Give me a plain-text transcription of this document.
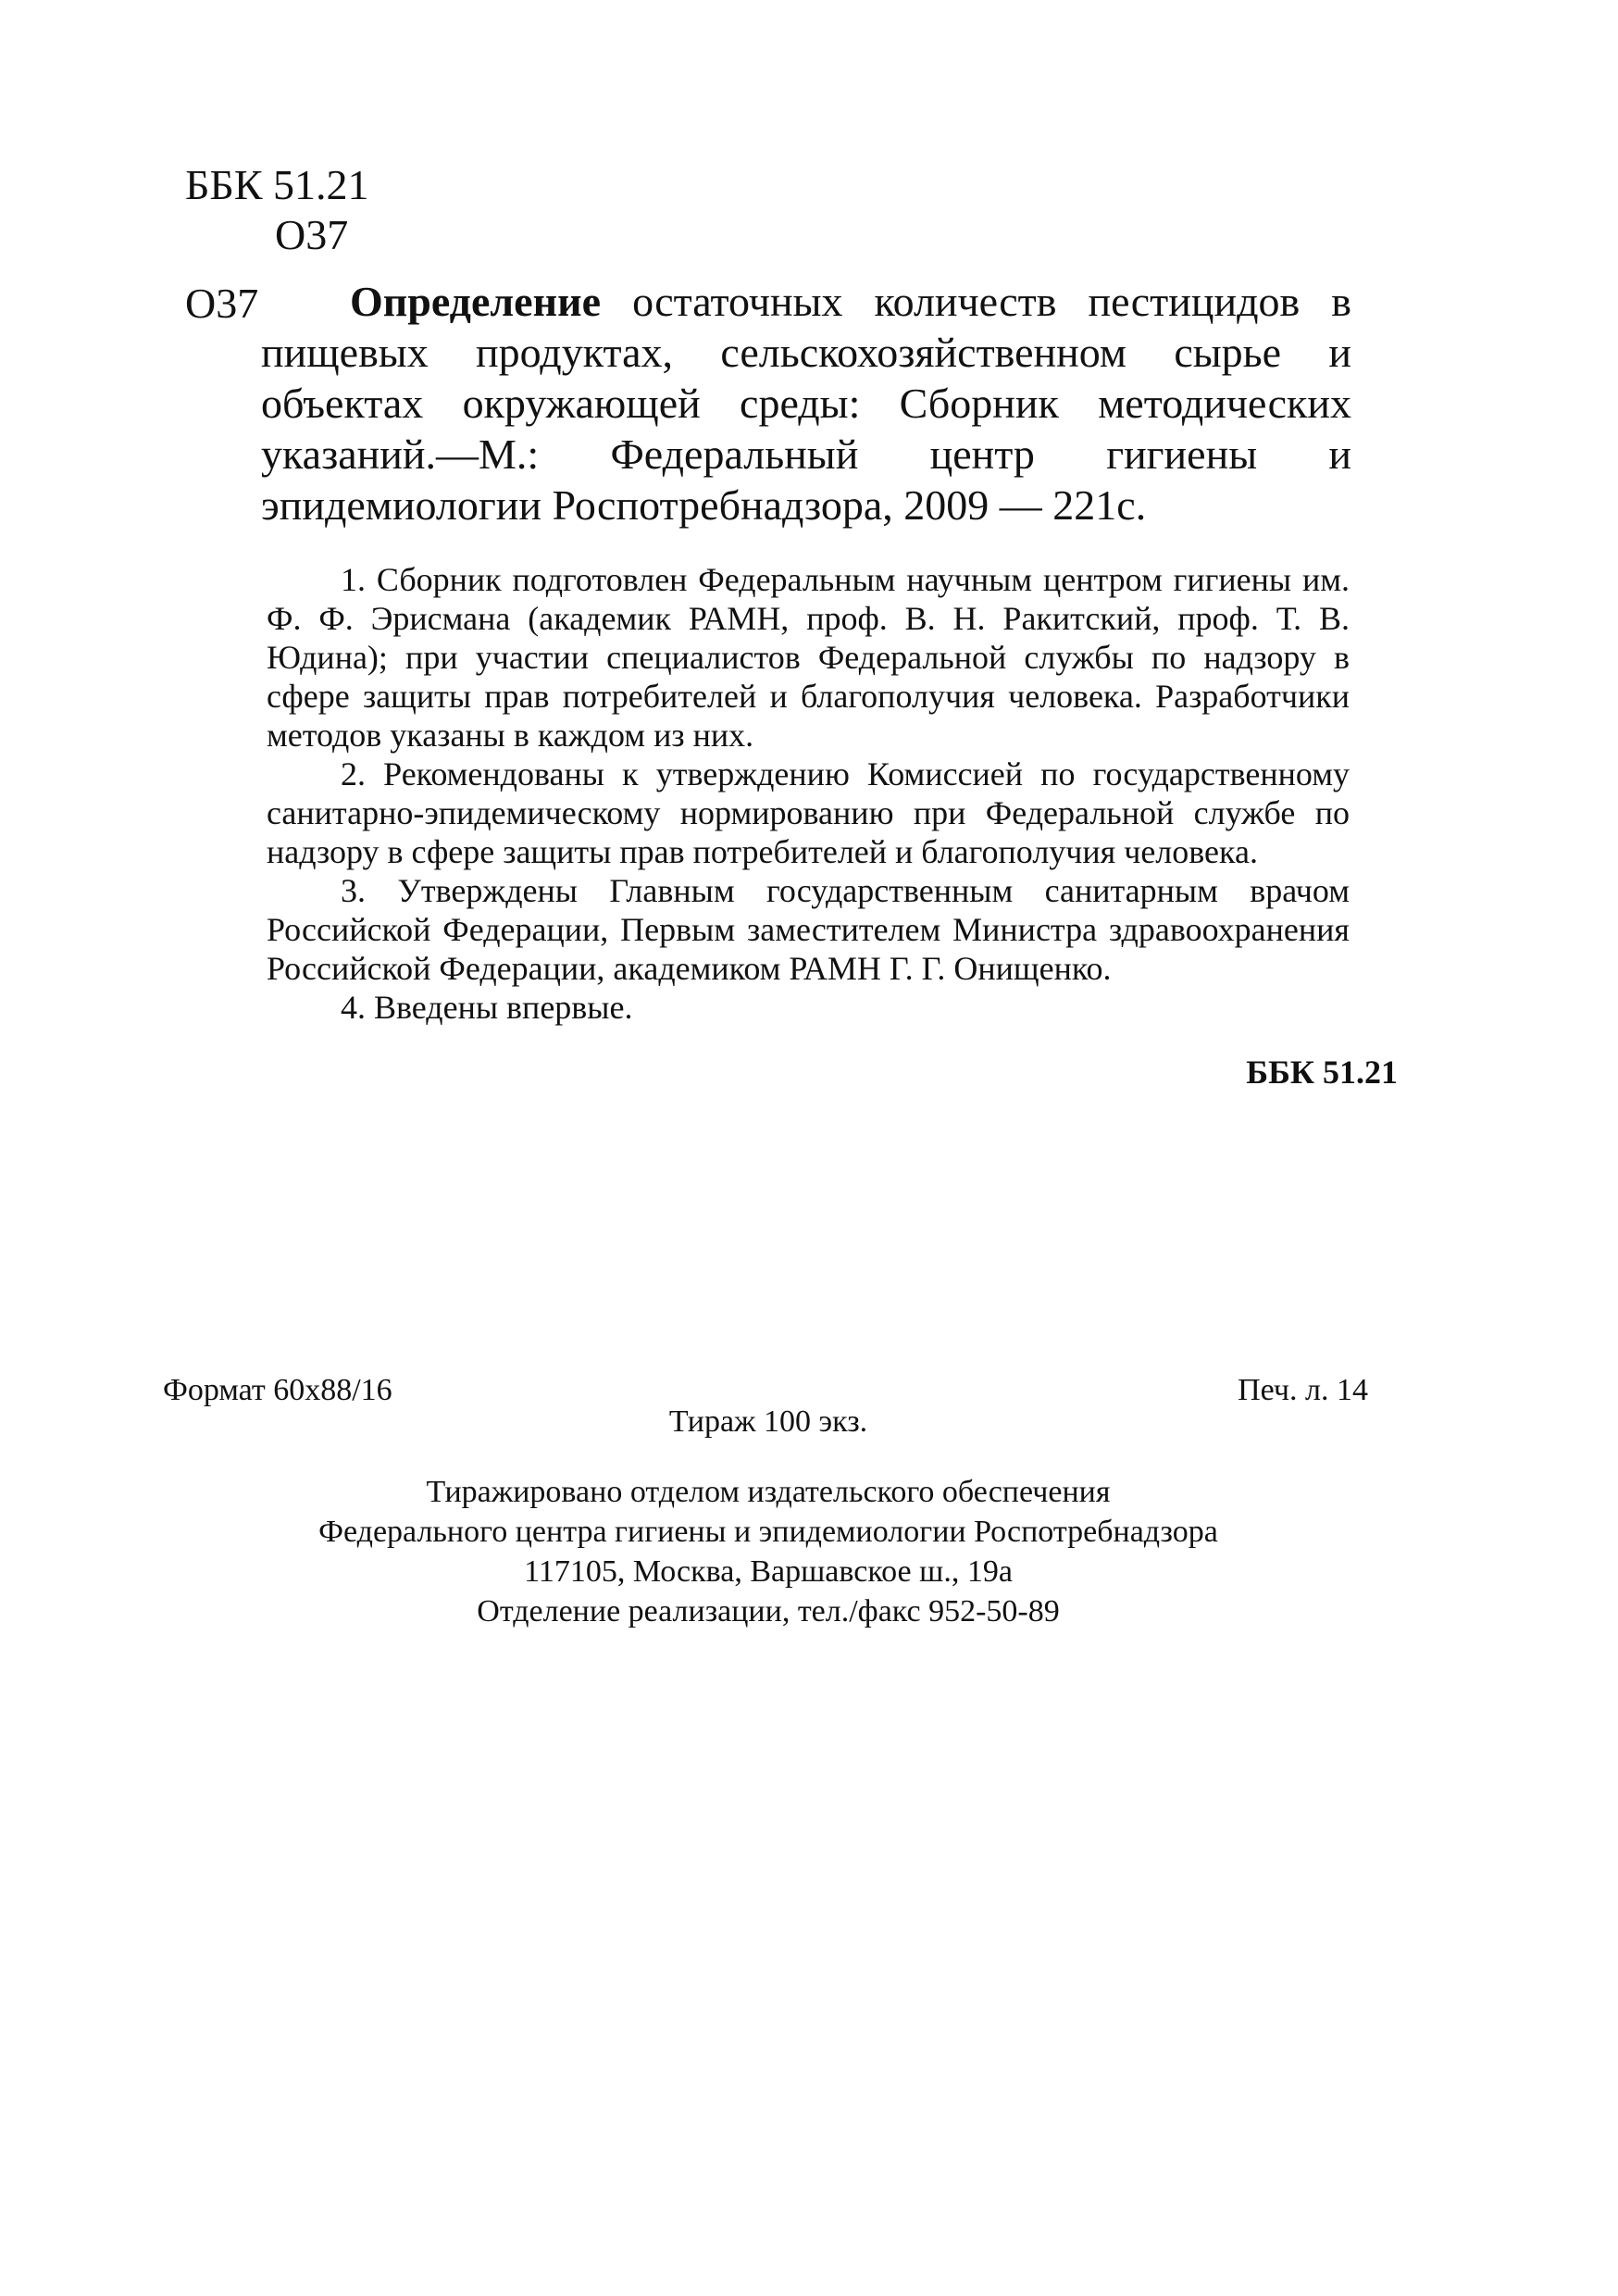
ББК 51.21
О37
О37	Определение остаточных количеств пестицидов в пищевых продуктах, сельскохозяйственном сырье и объектах окружающей среды: Сборник методических указаний.—М.: Федеральный центр гигиены и эпидемиологии Роспотребнадзора, 2009 — 221с.

1. Сборник подготовлен Федеральным научным центром гигиены им. Ф. Ф. Эрисмана (академик РАМН, проф. В. Н. Ракитский, проф. Т. В. Юдина); при участии специалистов Федеральной службы по надзору в сфере защиты прав потребителей и благополучия человека. Разработчики методов указаны в каждом из них.

2. Рекомендованы к утверждению Комиссией по государственному санитарно-эпидемическому нормированию при Федеральной службе по надзору в сфере защиты прав потребителей и благополучия человека.

3. Утверждены Главным государственным санитарным врачом Российской Федерации, Первым заместителем Министра здравоохранения Российской Федерации, академиком РАМН Г. Г. Онищенко.

4. Введены впервые.

ББК 51.21
Формат 60x88/16	Печ. л. 14
Тираж 100 экз.
Тиражировано отделом издательского обеспечения
Федерального центра гигиены и эпидемиологии Роспотребнадзора
117105, Москва, Варшавское ш., 19а
Отделение реализации, тел./факс 952-50-89
